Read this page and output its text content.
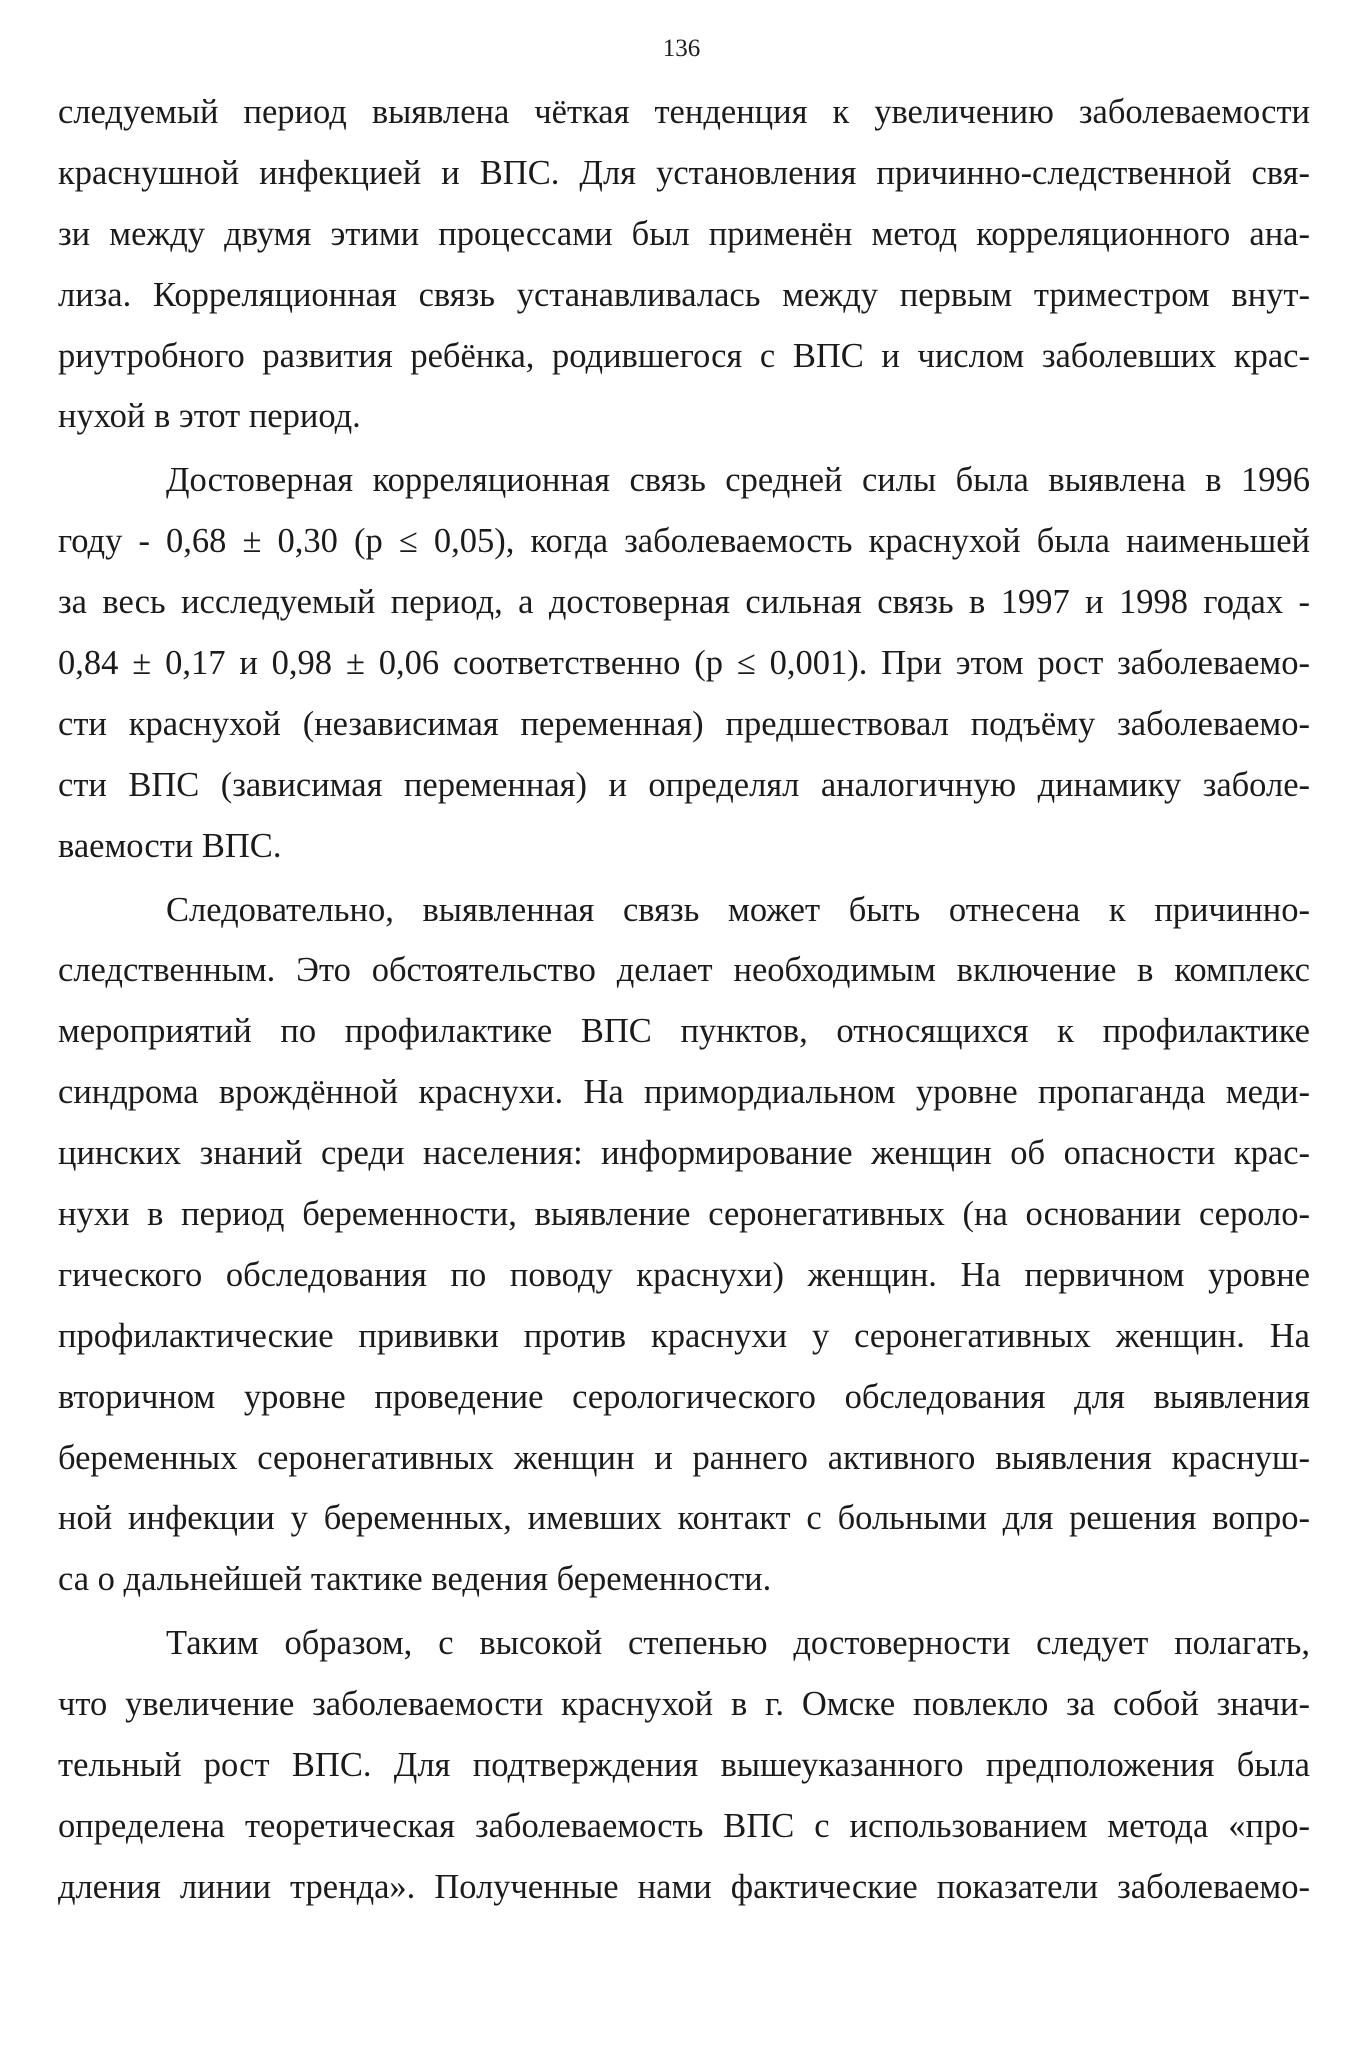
136
следуемый период выявлена чёткая тенденция к увеличению заболеваемости
краснушной инфекцией и ВПС. Для установления причинно-следственной свя-
зи между двумя этими процессами был применён метод корреляционного ана-
лиза. Корреляционная связь устанавливалась между первым триместром внут-
риутробного развития ребёнка, родившегося с ВПС и числом заболевших крас-
нухой в этот период.
Достоверная корреляционная связь средней силы была выявлена в 1996
году - 0,68 ± 0,30 (p ≤ 0,05), когда заболеваемость краснухой была наименьшей
за весь исследуемый период, а достоверная сильная связь в 1997 и 1998 годах -
0,84 ± 0,17 и 0,98 ± 0,06 соответственно (p ≤ 0,001). При этом рост заболеваемо-
сти краснухой (независимая переменная) предшествовал подъёму заболеваемо-
сти ВПС (зависимая переменная) и определял аналогичную динамику заболе-
ваемости ВПС.
Следовательно, выявленная связь может быть отнесена к причинно-
следственным. Это обстоятельство делает необходимым включение в комплекс
мероприятий по профилактике ВПС пунктов, относящихся к профилактике
синдрома врождённой краснухи. На примордиальном уровне пропаганда меди-
цинских знаний среди населения: информирование женщин об опасности крас-
нухи в период беременности, выявление серонегативных (на основании сероло-
гического обследования по поводу краснухи) женщин. На первичном уровне
профилактические прививки против краснухи у серонегативных женщин. На
вторичном уровне проведение серологического обследования для выявления
беременных серонегативных женщин и раннего активного выявления краснуш-
ной инфекции у беременных, имевших контакт с больными для решения вопро-
са о дальнейшей тактике ведения беременности.
Таким образом, с высокой степенью достоверности следует полагать,
что увеличение заболеваемости краснухой в г. Омске повлекло за собой значи-
тельный рост ВПС. Для подтверждения вышеуказанного предположения была
определена теоретическая заболеваемость ВПС с использованием метода «про-
дления линии тренда». Полученные нами фактические показатели заболеваемо-
